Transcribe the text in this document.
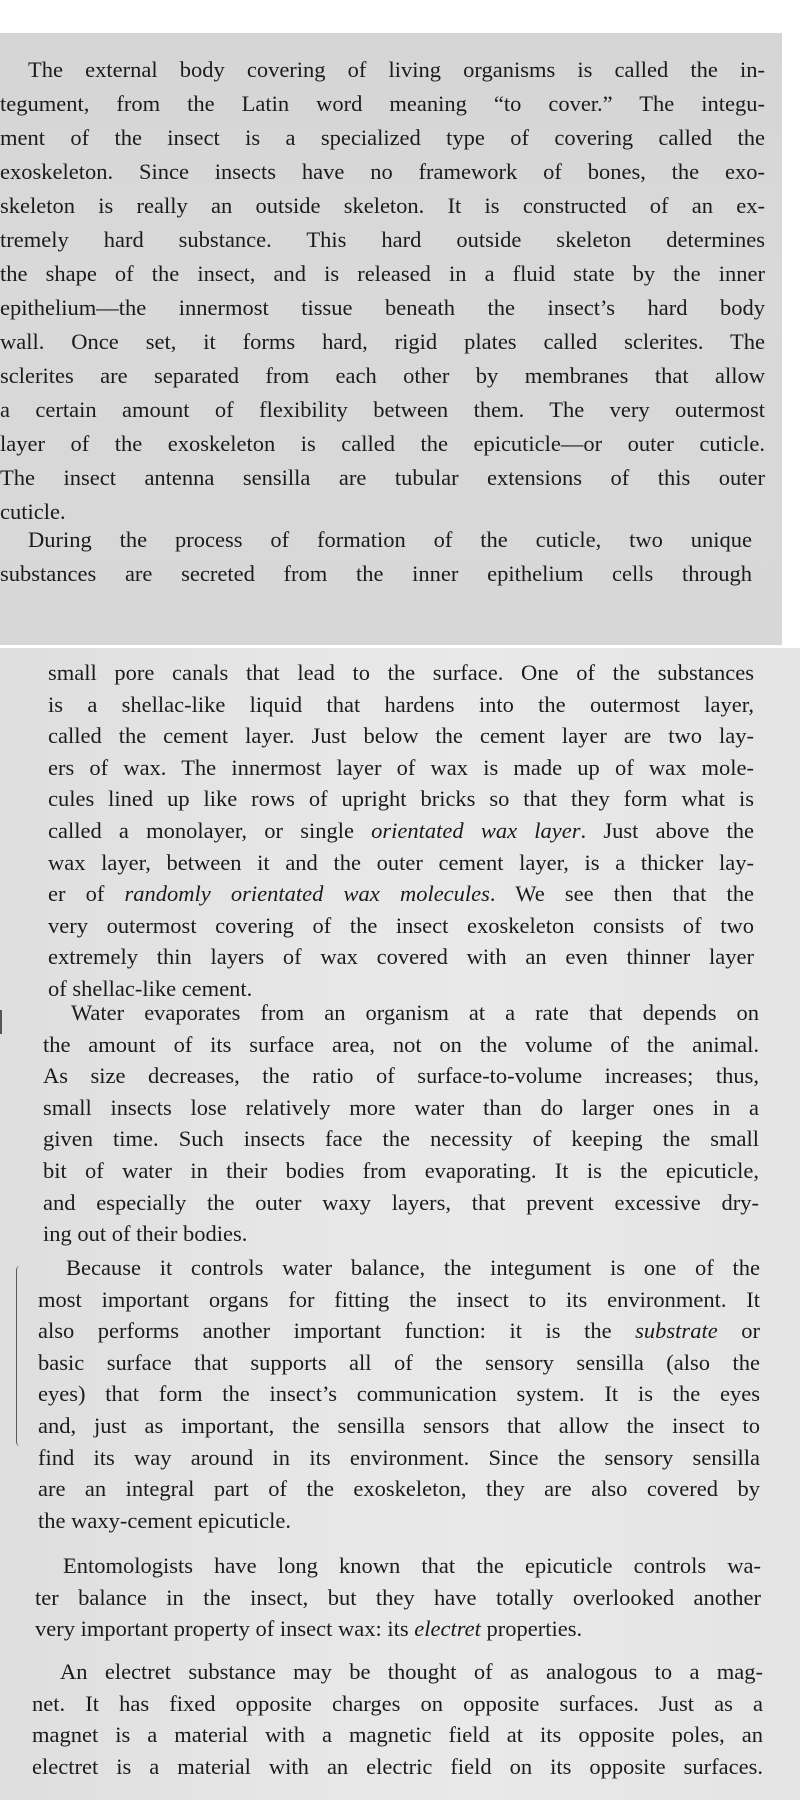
The external body covering of living organisms is called the in-
tegument, from the Latin word meaning “to cover.” The integu-
ment of the insect is a specialized type of covering called the
exoskeleton. Since insects have no framework of bones, the exo-
skeleton is really an outside skeleton. It is constructed of an ex-
tremely hard substance. This hard outside skeleton determines
the shape of the insect, and is released in a fluid state by the inner
epithelium—the innermost tissue beneath the insect’s hard body
wall. Once set, it forms hard, rigid plates called sclerites. The
sclerites are separated from each other by membranes that allow
a certain amount of flexibility between them. The very outermost
layer of the exoskeleton is called the epicuticle—or outer cuticle.
The insect antenna sensilla are tubular extensions of this outer
cuticle.
During the process of formation of the cuticle, two unique
substances are secreted from the inner epithelium cells through
small pore canals that lead to the surface. One of the substances
is a shellac-like liquid that hardens into the outermost layer,
called the cement layer. Just below the cement layer are two lay-
ers of wax. The innermost layer of wax is made up of wax mole-
cules lined up like rows of upright bricks so that they form what is
called a monolayer, or single orientated wax layer. Just above the
wax layer, between it and the outer cement layer, is a thicker lay-
er of randomly orientated wax molecules. We see then that the
very outermost covering of the insect exoskeleton consists of two
extremely thin layers of wax covered with an even thinner layer
of shellac-like cement.
Water evaporates from an organism at a rate that depends on
the amount of its surface area, not on the volume of the animal.
As size decreases, the ratio of surface-to-volume increases; thus,
small insects lose relatively more water than do larger ones in a
given time. Such insects face the necessity of keeping the small
bit of water in their bodies from evaporating. It is the epicuticle,
and especially the outer waxy layers, that prevent excessive dry-
ing out of their bodies.
Because it controls water balance, the integument is one of the
most important organs for fitting the insect to its environment. It
also performs another important function: it is the substrate or
basic surface that supports all of the sensory sensilla (also the
eyes) that form the insect’s communication system. It is the eyes
and, just as important, the sensilla sensors that allow the insect to
find its way around in its environment. Since the sensory sensilla
are an integral part of the exoskeleton, they are also covered by
the waxy-cement epicuticle.
Entomologists have long known that the epicuticle controls wa-
ter balance in the insect, but they have totally overlooked another
very important property of insect wax: its electret properties.
An electret substance may be thought of as analogous to a mag-
net. It has fixed opposite charges on opposite surfaces. Just as a
magnet is a material with a magnetic field at its opposite poles, an
electret is a material with an electric field on its opposite surfaces.
